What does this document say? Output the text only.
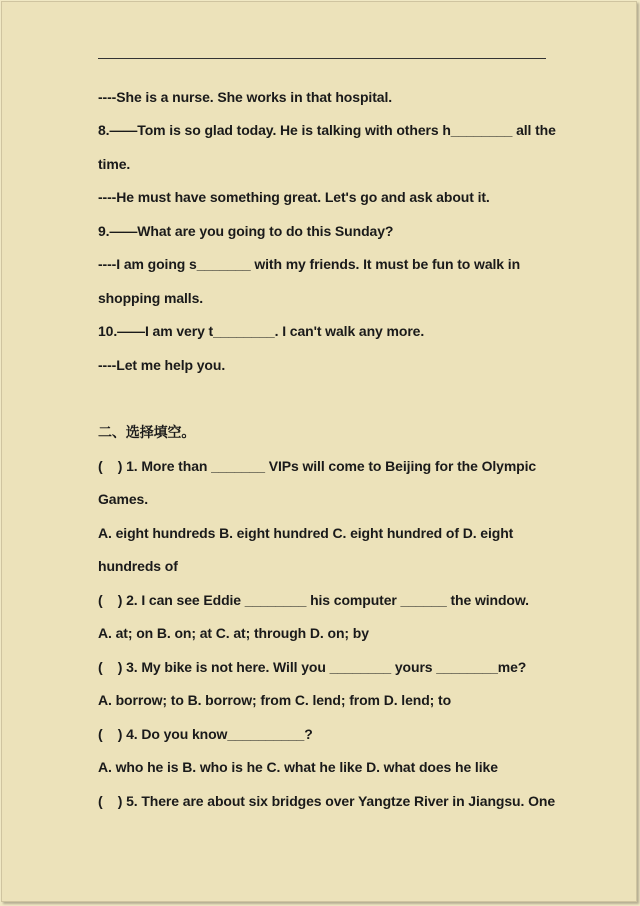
----She is a nurse. She works in that hospital.

8.——Tom is so glad today. He is talking with others h________ all the

time.

----He must have something great. Let's go and ask about it.

9.——What are you going to do this Sunday?

----I am going s_______ with my friends. It must be fun to walk in

shopping malls.

10.——I am very t________. I can't walk any more.

----Let me help you.

二、选择填空。

(    ) 1. More than _______ VIPs will come to Beijing for the Olympic

Games.

A. eight hundreds B. eight hundred C. eight hundred of D. eight

hundreds of

(    ) 2. I can see Eddie ________ his computer ______ the window.

A. at; on B. on; at C. at; through D. on; by

(    ) 3. My bike is not here. Will you ________ yours ________me?

A. borrow; to B. borrow; from C. lend; from D. lend; to

(    ) 4. Do you know__________?

A. who he is B. who is he C. what he like D. what does he like

(    ) 5. There are about six bridges over Yangtze River in Jiangsu. One
